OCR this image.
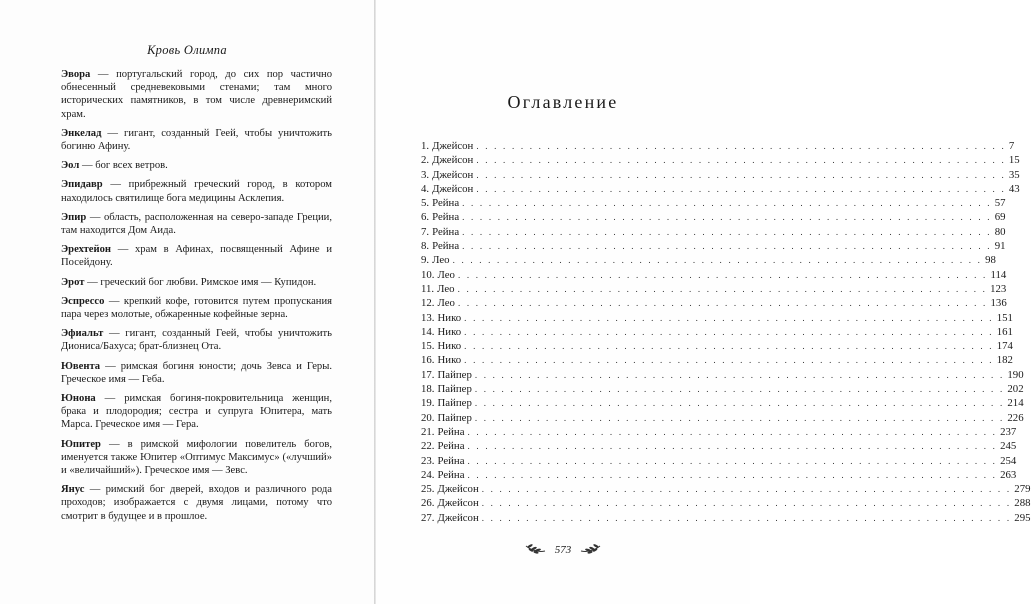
Кровь Олимпа

Эвора — португальский город, до сих пор частично обнесенный средневековыми стенами; там много исторических памятников, в том числе древнеримский храм.

Энкелад — гигант, созданный Геей, чтобы уничтожить богиню Афину.

Эол — бог всех ветров.

Эпидавр — прибрежный греческий город, в котором находилось святилище бога медицины Асклепия.

Эпир — область, расположенная на северо-западе Греции, там находится Дом Аида.

Эрехтейон — храм в Афинах, посвященный Афине и Посейдону.

Эрот — греческий бог любви. Римское имя — Купидон.

Эспрессо — крепкий кофе, готовится путем пропускания пара через молотые, обжаренные кофейные зерна.

Эфиальт — гигант, созданный Геей, чтобы уничтожить Диониса/Бахуса; брат-близнец Ота.

Ювента — римская богиня юности; дочь Зевса и Геры. Греческое имя — Геба.

Юнона — римская богиня-покровительница женщин, брака и плодородия; сестра и супруга Юпитера, мать Марса. Греческое имя — Гера.

Юпитер — в римской мифологии повелитель богов, именуется также Юпитер «Оптимус Максимус» («лучший» и «величайший»). Греческое имя — Зевс.

Янус — римский бог дверей, входов и различного рода проходов; изображается с двумя лицами, потому что смотрит в будущее и в прошлое.

Оглавление
1. Джейсон . . . . . . . . . . . . . . . . . . . . . . . . . . . . . . . . . . . . . . . . . . . . . . . . . . . . . . . . . . . . 7
2. Джейсон . . . . . . . . . . . . . . . . . . . . . . . . . . . . . . . . . . . . . . . . . . . . . . . . . . . . . . . . . . . . 15
3. Джейсон . . . . . . . . . . . . . . . . . . . . . . . . . . . . . . . . . . . . . . . . . . . . . . . . . . . . . . . . . . . . 35
4. Джейсон . . . . . . . . . . . . . . . . . . . . . . . . . . . . . . . . . . . . . . . . . . . . . . . . . . . . . . . . . . . . 43
5. Рейна . . . . . . . . . . . . . . . . . . . . . . . . . . . . . . . . . . . . . . . . . . . . . . . . . . . . . . . . . . . . 57
6. Рейна . . . . . . . . . . . . . . . . . . . . . . . . . . . . . . . . . . . . . . . . . . . . . . . . . . . . . . . . . . . . 69
7. Рейна . . . . . . . . . . . . . . . . . . . . . . . . . . . . . . . . . . . . . . . . . . . . . . . . . . . . . . . . . . . . 80
8. Рейна . . . . . . . . . . . . . . . . . . . . . . . . . . . . . . . . . . . . . . . . . . . . . . . . . . . . . . . . . . . . 91
9. Лео . . . . . . . . . . . . . . . . . . . . . . . . . . . . . . . . . . . . . . . . . . . . . . . . . . . . . . . . . . . . 98
10. Лео . . . . . . . . . . . . . . . . . . . . . . . . . . . . . . . . . . . . . . . . . . . . . . . . . . . . . . . . . . . . 114
11. Лео . . . . . . . . . . . . . . . . . . . . . . . . . . . . . . . . . . . . . . . . . . . . . . . . . . . . . . . . . . . . 123
12. Лео . . . . . . . . . . . . . . . . . . . . . . . . . . . . . . . . . . . . . . . . . . . . . . . . . . . . . . . . . . . . 136
13. Нико . . . . . . . . . . . . . . . . . . . . . . . . . . . . . . . . . . . . . . . . . . . . . . . . . . . . . . . . . . . . 151
14. Нико . . . . . . . . . . . . . . . . . . . . . . . . . . . . . . . . . . . . . . . . . . . . . . . . . . . . . . . . . . . . 161
15. Нико . . . . . . . . . . . . . . . . . . . . . . . . . . . . . . . . . . . . . . . . . . . . . . . . . . . . . . . . . . . . 174
16. Нико . . . . . . . . . . . . . . . . . . . . . . . . . . . . . . . . . . . . . . . . . . . . . . . . . . . . . . . . . . . . 182
17. Пайпер . . . . . . . . . . . . . . . . . . . . . . . . . . . . . . . . . . . . . . . . . . . . . . . . . . . . . . . . . . . . 190
18. Пайпер . . . . . . . . . . . . . . . . . . . . . . . . . . . . . . . . . . . . . . . . . . . . . . . . . . . . . . . . . . . . 202
19. Пайпер . . . . . . . . . . . . . . . . . . . . . . . . . . . . . . . . . . . . . . . . . . . . . . . . . . . . . . . . . . . . 214
20. Пайпер . . . . . . . . . . . . . . . . . . . . . . . . . . . . . . . . . . . . . . . . . . . . . . . . . . . . . . . . . . . . 226
21. Рейна . . . . . . . . . . . . . . . . . . . . . . . . . . . . . . . . . . . . . . . . . . . . . . . . . . . . . . . . . . . . 237
22. Рейна . . . . . . . . . . . . . . . . . . . . . . . . . . . . . . . . . . . . . . . . . . . . . . . . . . . . . . . . . . . . 245
23. Рейна . . . . . . . . . . . . . . . . . . . . . . . . . . . . . . . . . . . . . . . . . . . . . . . . . . . . . . . . . . . . 254
24. Рейна . . . . . . . . . . . . . . . . . . . . . . . . . . . . . . . . . . . . . . . . . . . . . . . . . . . . . . . . . . . . 263
25. Джейсон . . . . . . . . . . . . . . . . . . . . . . . . . . . . . . . . . . . . . . . . . . . . . . . . . . . . . . . . . . . . 279
26. Джейсон . . . . . . . . . . . . . . . . . . . . . . . . . . . . . . . . . . . . . . . . . . . . . . . . . . . . . . . . . . . . 288
27. Джейсон . . . . . . . . . . . . . . . . . . . . . . . . . . . . . . . . . . . . . . . . . . . . . . . . . . . . . . . . . . . . 295
573
